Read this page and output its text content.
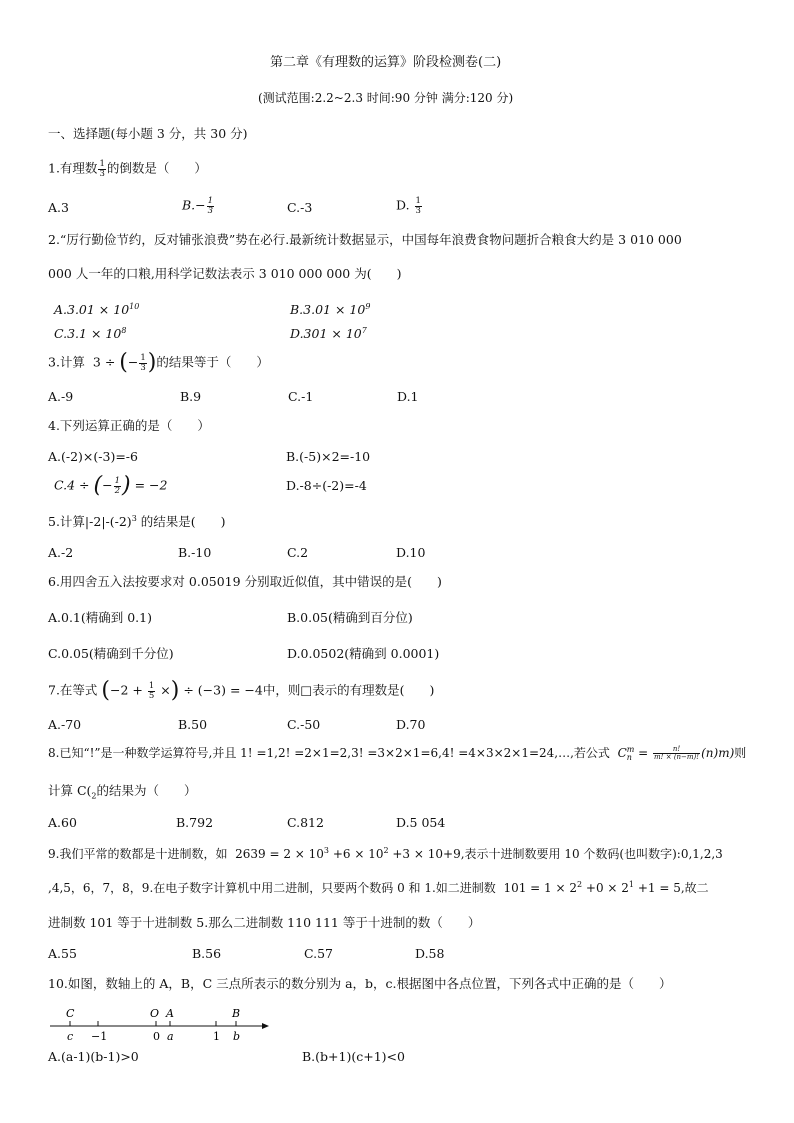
第二章《有理数的运算》阶段检测卷(二)
(测试范围:2.2~2.3 时间:90 分钟 满分:120 分)
一、选择题(每小题 3 分，共 30 分)
1.有理数 $\frac{1}{3}$ 的倒数是（　　）
A.3	$B.- \frac{1}{3}$	C.-3	D. $\frac{1}{3}$
2.“厉行勤俭节约，反对铺张浪费”势在必行.最新统计数据显示，中国每年浪费食物问题折合粮食大约是 3 010 000
000 人一年的口粮,用科学记数法表示 3 010 000 000 为(　　)
$A.3.01 \times 10^{10}$	$B.3.01 \times 10^9$
$C.3.1 \times 10^8$	$D.301 \times 10^7$
3.计算 3 ÷ (− $\frac{1}{3}$ )的结果等于（　　）
A.-9	B.9	C.-1	D.1
4.下列运算正确的是（　　）
A.(-2)×(-3)=-6	B.(-5)×2=-10
C.4 ÷ (− $\frac{1}{2}$ ) = −2	D.-8÷(-2)=-4
5.计算$|-2|-(-2)^3$ 的结果是(　　)
A.-2	B.-10	C.2	D.10
6.用四舍五入法按要求对 0.05019 分别取近似值，其中错误的是(　　)
A.0.1(精确到 0.1)	B.0.05(精确到百分位)
C.0.05(精确到千分位)	D.0.0502(精确到 0.0001)
7.在等式 ($-2 + \frac{1}{5}$ ×) ÷ (−3) = −4中，则□表示的有理数是(　　)
A.-70	B.50	C.-50	D.70
8.已知“!”是一种数学运算符号,并且 1! =1,2! =2×1=2,3! =3×2×1=6,4! =4×3×2×1=24,…,若公式 C m
$n = \frac{n!}{m! \times (n-m)!} (n)m$)则
计算 $C(_2$的结果为（　　）
A.60	B.792	C.812	D.5 054
9.我们平常的数都是十进制数，如 $2639 = 2 \times 10^3 +6 \times 10^2 +3 \times 10+9$,表示十进制数要用 10 个数码(也叫数字):0,1,2,3
,4,5，6，7，8，9.在电子数字计算机中用二进制，只要两个数码 0 和 1.如二进制数 $101 = 1 \times 2^2 +0 \times 2^1 +1 = 5$,故二
进制数 101 等于十进制数 5.那么二进制数 110 111 等于十进制的数（　　）
A.55	B.56	C.57	D.58
10.如图，数轴上的 A，B，C 三点所表示的数分别为 a，b，c.根据图中各点位置，下列各式中正确的是（　　）
C	O A	B
c −1	0 a	1 b
A.(a-1)(b-1)>0	B.(b+1)(c+1)<0
